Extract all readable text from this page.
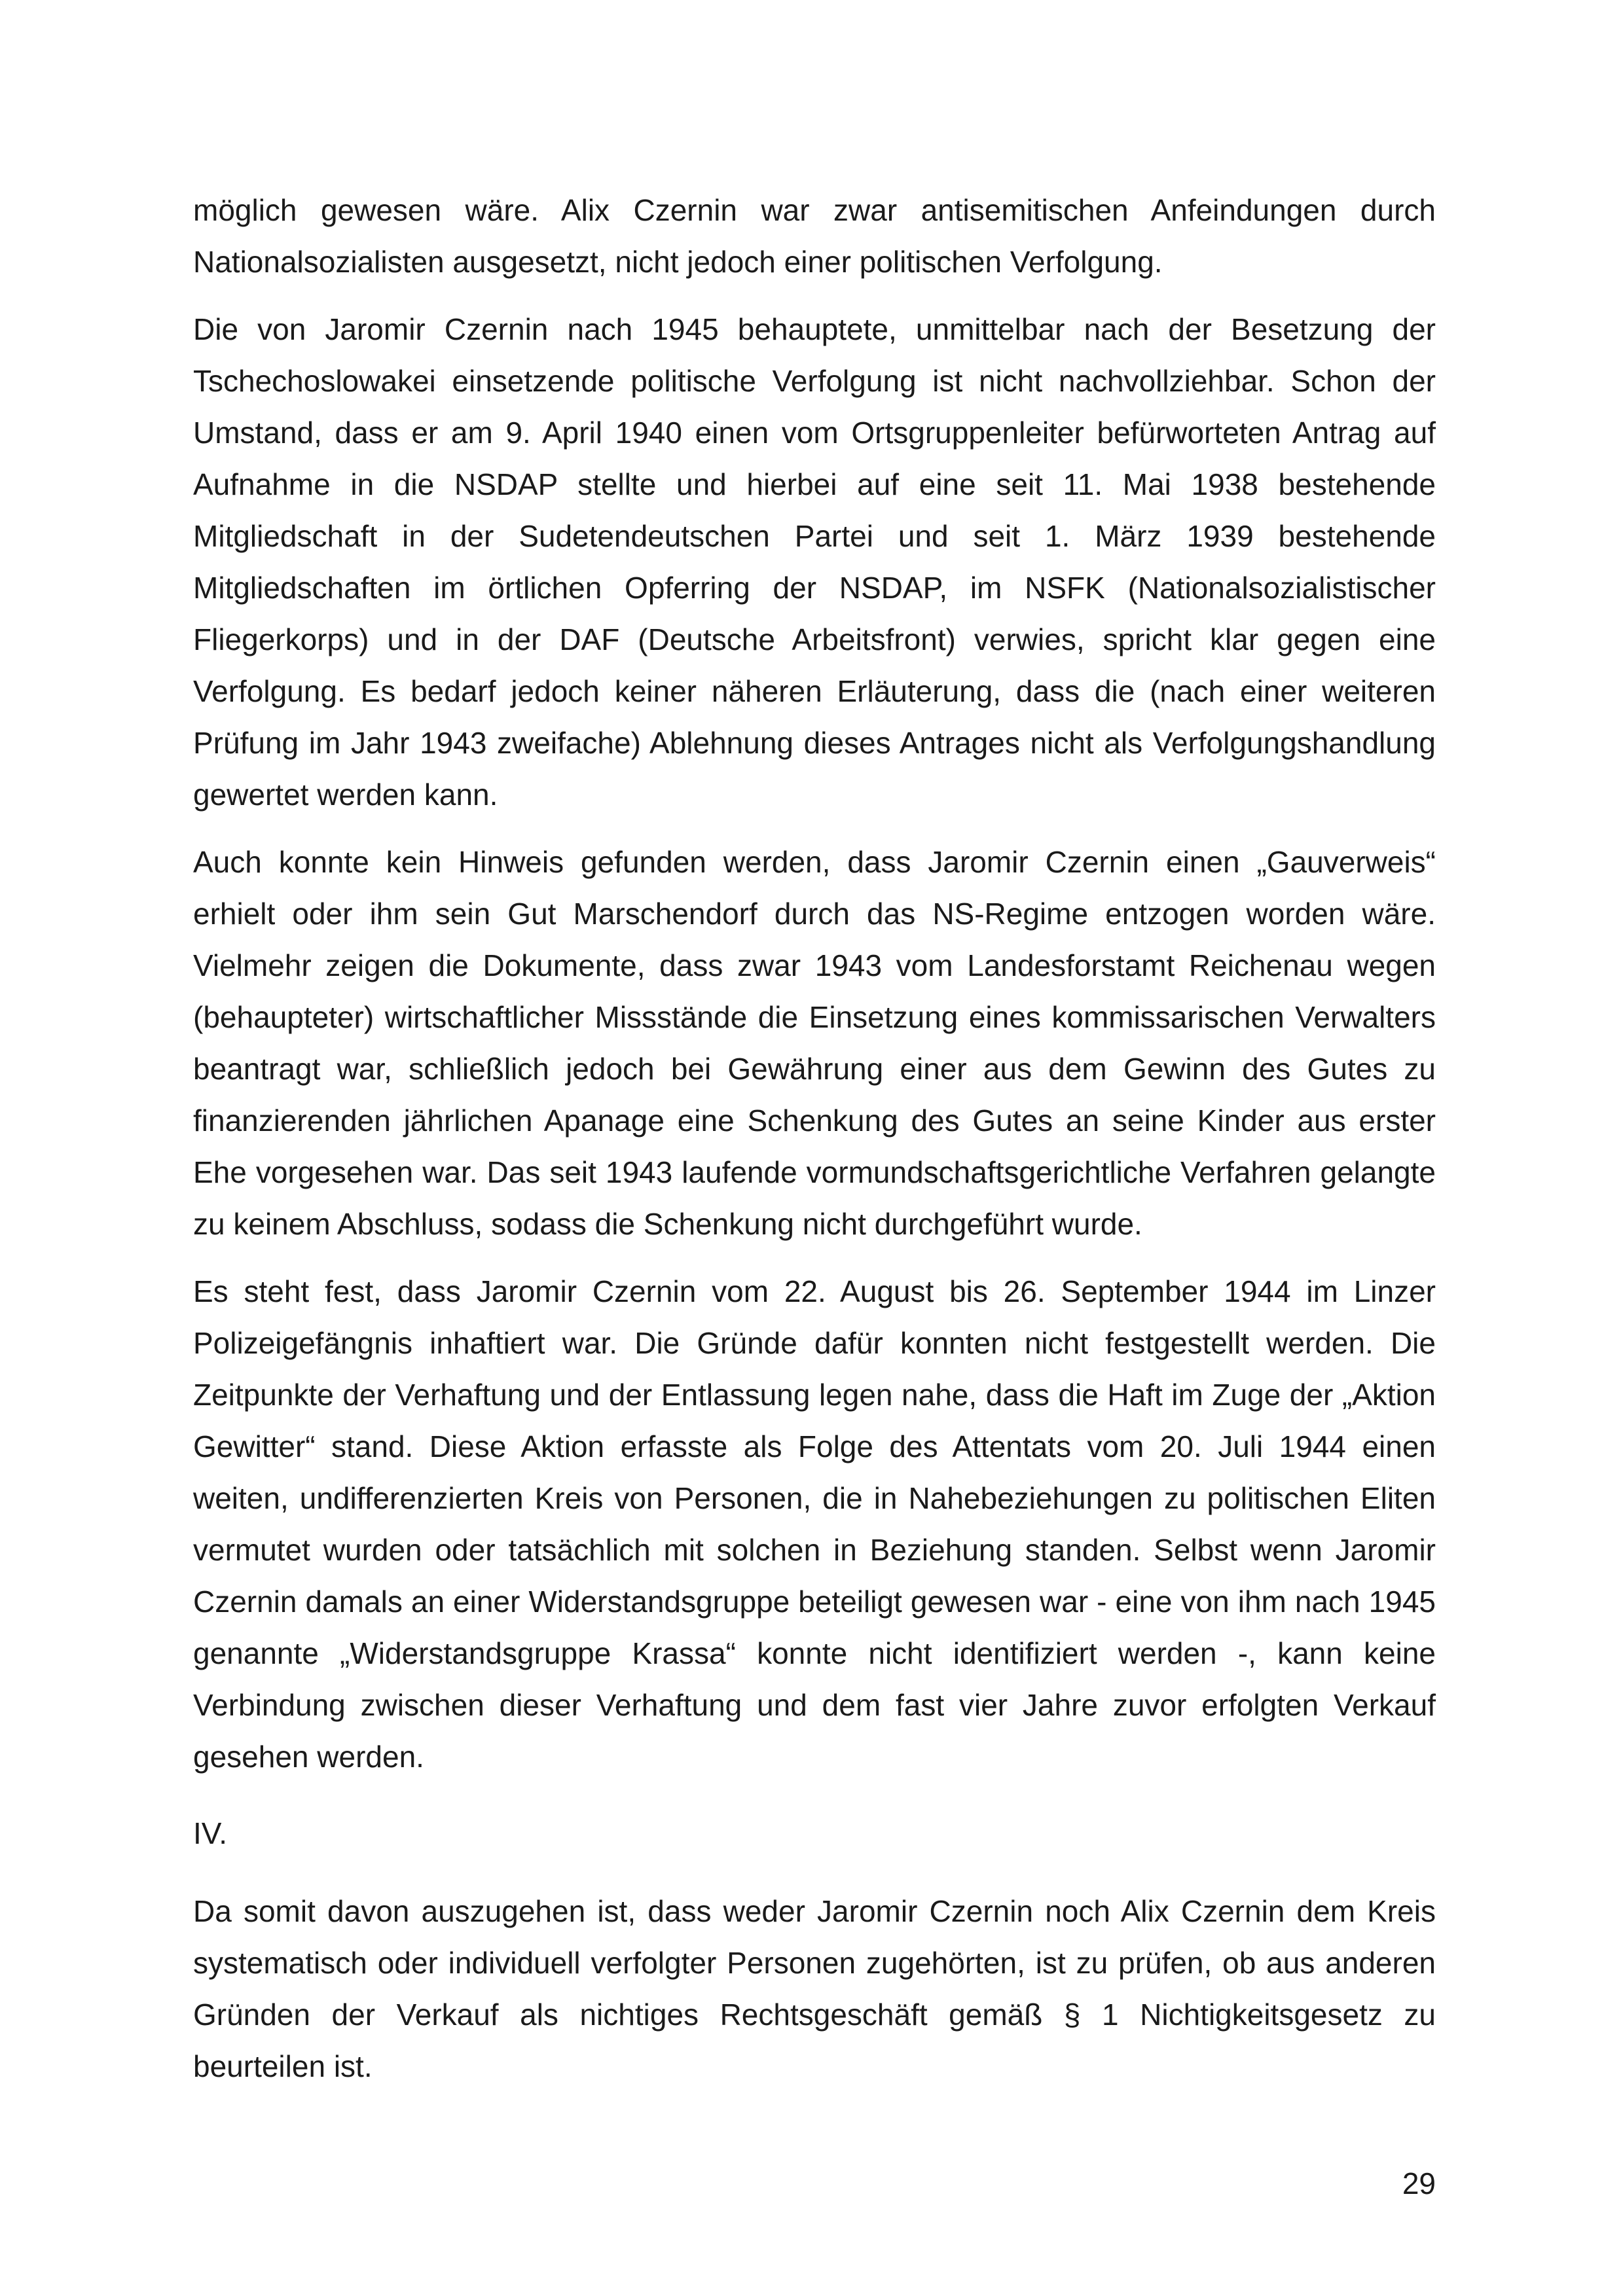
möglich gewesen wäre. Alix Czernin war zwar antisemitischen Anfeindungen durch Nationalsozialisten ausgesetzt, nicht jedoch einer politischen Verfolgung.

Die von Jaromir Czernin nach 1945 behauptete, unmittelbar nach der Besetzung der Tschechoslowakei einsetzende politische Verfolgung ist nicht nachvollziehbar. Schon der Umstand, dass er am 9. April 1940 einen vom Ortsgruppenleiter befürworteten Antrag auf Aufnahme in die NSDAP stellte und hierbei auf eine seit 11. Mai 1938 bestehende Mitgliedschaft in der Sudetendeutschen Partei und seit 1. März 1939 bestehende Mitgliedschaften im örtlichen Opferring der NSDAP, im NSFK (Nationalsozialistischer Fliegerkorps) und in der DAF (Deutsche Arbeitsfront) verwies, spricht klar gegen eine Verfolgung. Es bedarf jedoch keiner näheren Erläuterung, dass die (nach einer weiteren Prüfung im Jahr 1943 zweifache) Ablehnung dieses Antrages nicht als Verfolgungshandlung gewertet werden kann.

Auch konnte kein Hinweis gefunden werden, dass Jaromir Czernin einen „Gauverweis“ erhielt oder ihm sein Gut Marschendorf durch das NS-Regime entzogen worden wäre. Vielmehr zeigen die Dokumente, dass zwar 1943 vom Landesforstamt Reichenau wegen (behaupteter) wirtschaftlicher Missstände die Einsetzung eines kommissarischen Verwalters beantragt war, schließlich jedoch bei Gewährung einer aus dem Gewinn des Gutes zu finanzierenden jährlichen Apanage eine Schenkung des Gutes an seine Kinder aus erster Ehe vorgesehen war. Das seit 1943 laufende vormundschaftsgerichtliche Verfahren gelangte zu keinem Abschluss, sodass die Schenkung nicht durchgeführt wurde.

Es steht fest, dass Jaromir Czernin vom 22. August bis 26. September 1944 im Linzer Polizeigefängnis inhaftiert war. Die Gründe dafür konnten nicht festgestellt werden. Die Zeitpunkte der Verhaftung und der Entlassung legen nahe, dass die Haft im Zuge der „Aktion Gewitter“ stand. Diese Aktion erfasste als Folge des Attentats vom 20. Juli 1944 einen weiten, undifferenzierten Kreis von Personen, die in Nahebeziehungen zu politischen Eliten vermutet wurden oder tatsächlich mit solchen in Beziehung standen. Selbst wenn Jaromir Czernin damals an einer Widerstandsgruppe beteiligt gewesen war - eine von ihm nach 1945 genannte „Widerstandsgruppe Krassa“ konnte nicht identifiziert werden -, kann keine Verbindung zwischen dieser Verhaftung und dem fast vier Jahre zuvor erfolgten Verkauf gesehen werden.

IV.

Da somit davon auszugehen ist, dass weder Jaromir Czernin noch Alix Czernin dem Kreis systematisch oder individuell verfolgter Personen zugehörten, ist zu prüfen, ob aus anderen Gründen der Verkauf als nichtiges Rechtsgeschäft gemäß § 1 Nichtigkeitsgesetz zu beurteilen ist.

29
